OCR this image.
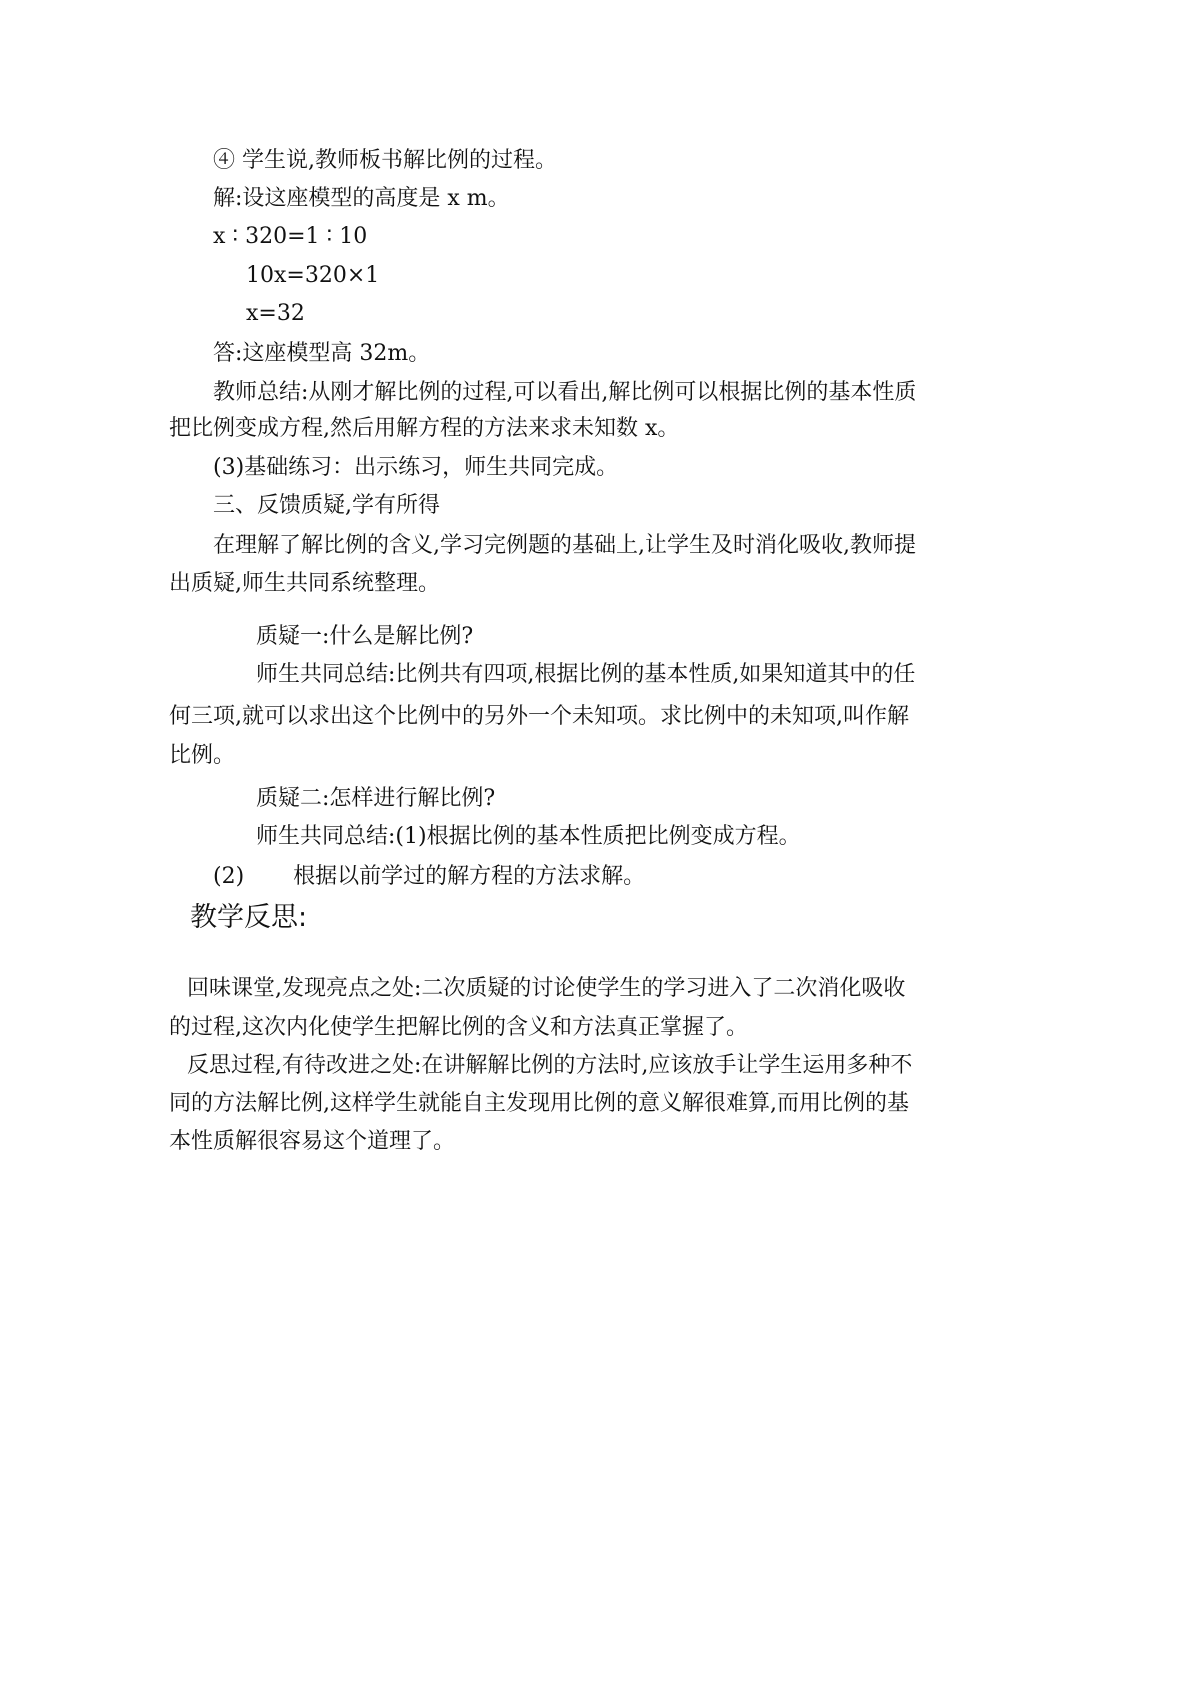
④ 学生说,教师板书解比例的过程。
解:设这座模型的高度是 x m。
x ∶ 320=1 ∶ 10
10x=320×1
x=32
答:这座模型高 32m。
教师总结:从刚才解比例的过程,可以看出,解比例可以根据比例的基本性质
把比例变成方程,然后用解方程的方法来求未知数 x。
(3)基础练习：出示练习，师生共同完成。
三、反馈质疑,学有所得
在理解了解比例的含义,学习完例题的基础上,让学生及时消化吸收,教师提
出质疑,师生共同系统整理。
质疑一:什么是解比例?
师生共同总结:比例共有四项,根据比例的基本性质,如果知道其中的任
何三项,就可以求出这个比例中的另外一个未知项。求比例中的未知项,叫作解
比例。
质疑二:怎样进行解比例?
师生共同总结:(1)根据比例的基本性质把比例变成方程。
(2)       根据以前学过的解方程的方法求解。
教学反思:
回味课堂,发现亮点之处:二次质疑的讨论使学生的学习进入了二次消化吸收
的过程,这次内化使学生把解比例的含义和方法真正掌握了。
反思过程,有待改进之处:在讲解解比例的方法时,应该放手让学生运用多种不
同的方法解比例,这样学生就能自主发现用比例的意义解很难算,而用比例的基
本性质解很容易这个道理了。
